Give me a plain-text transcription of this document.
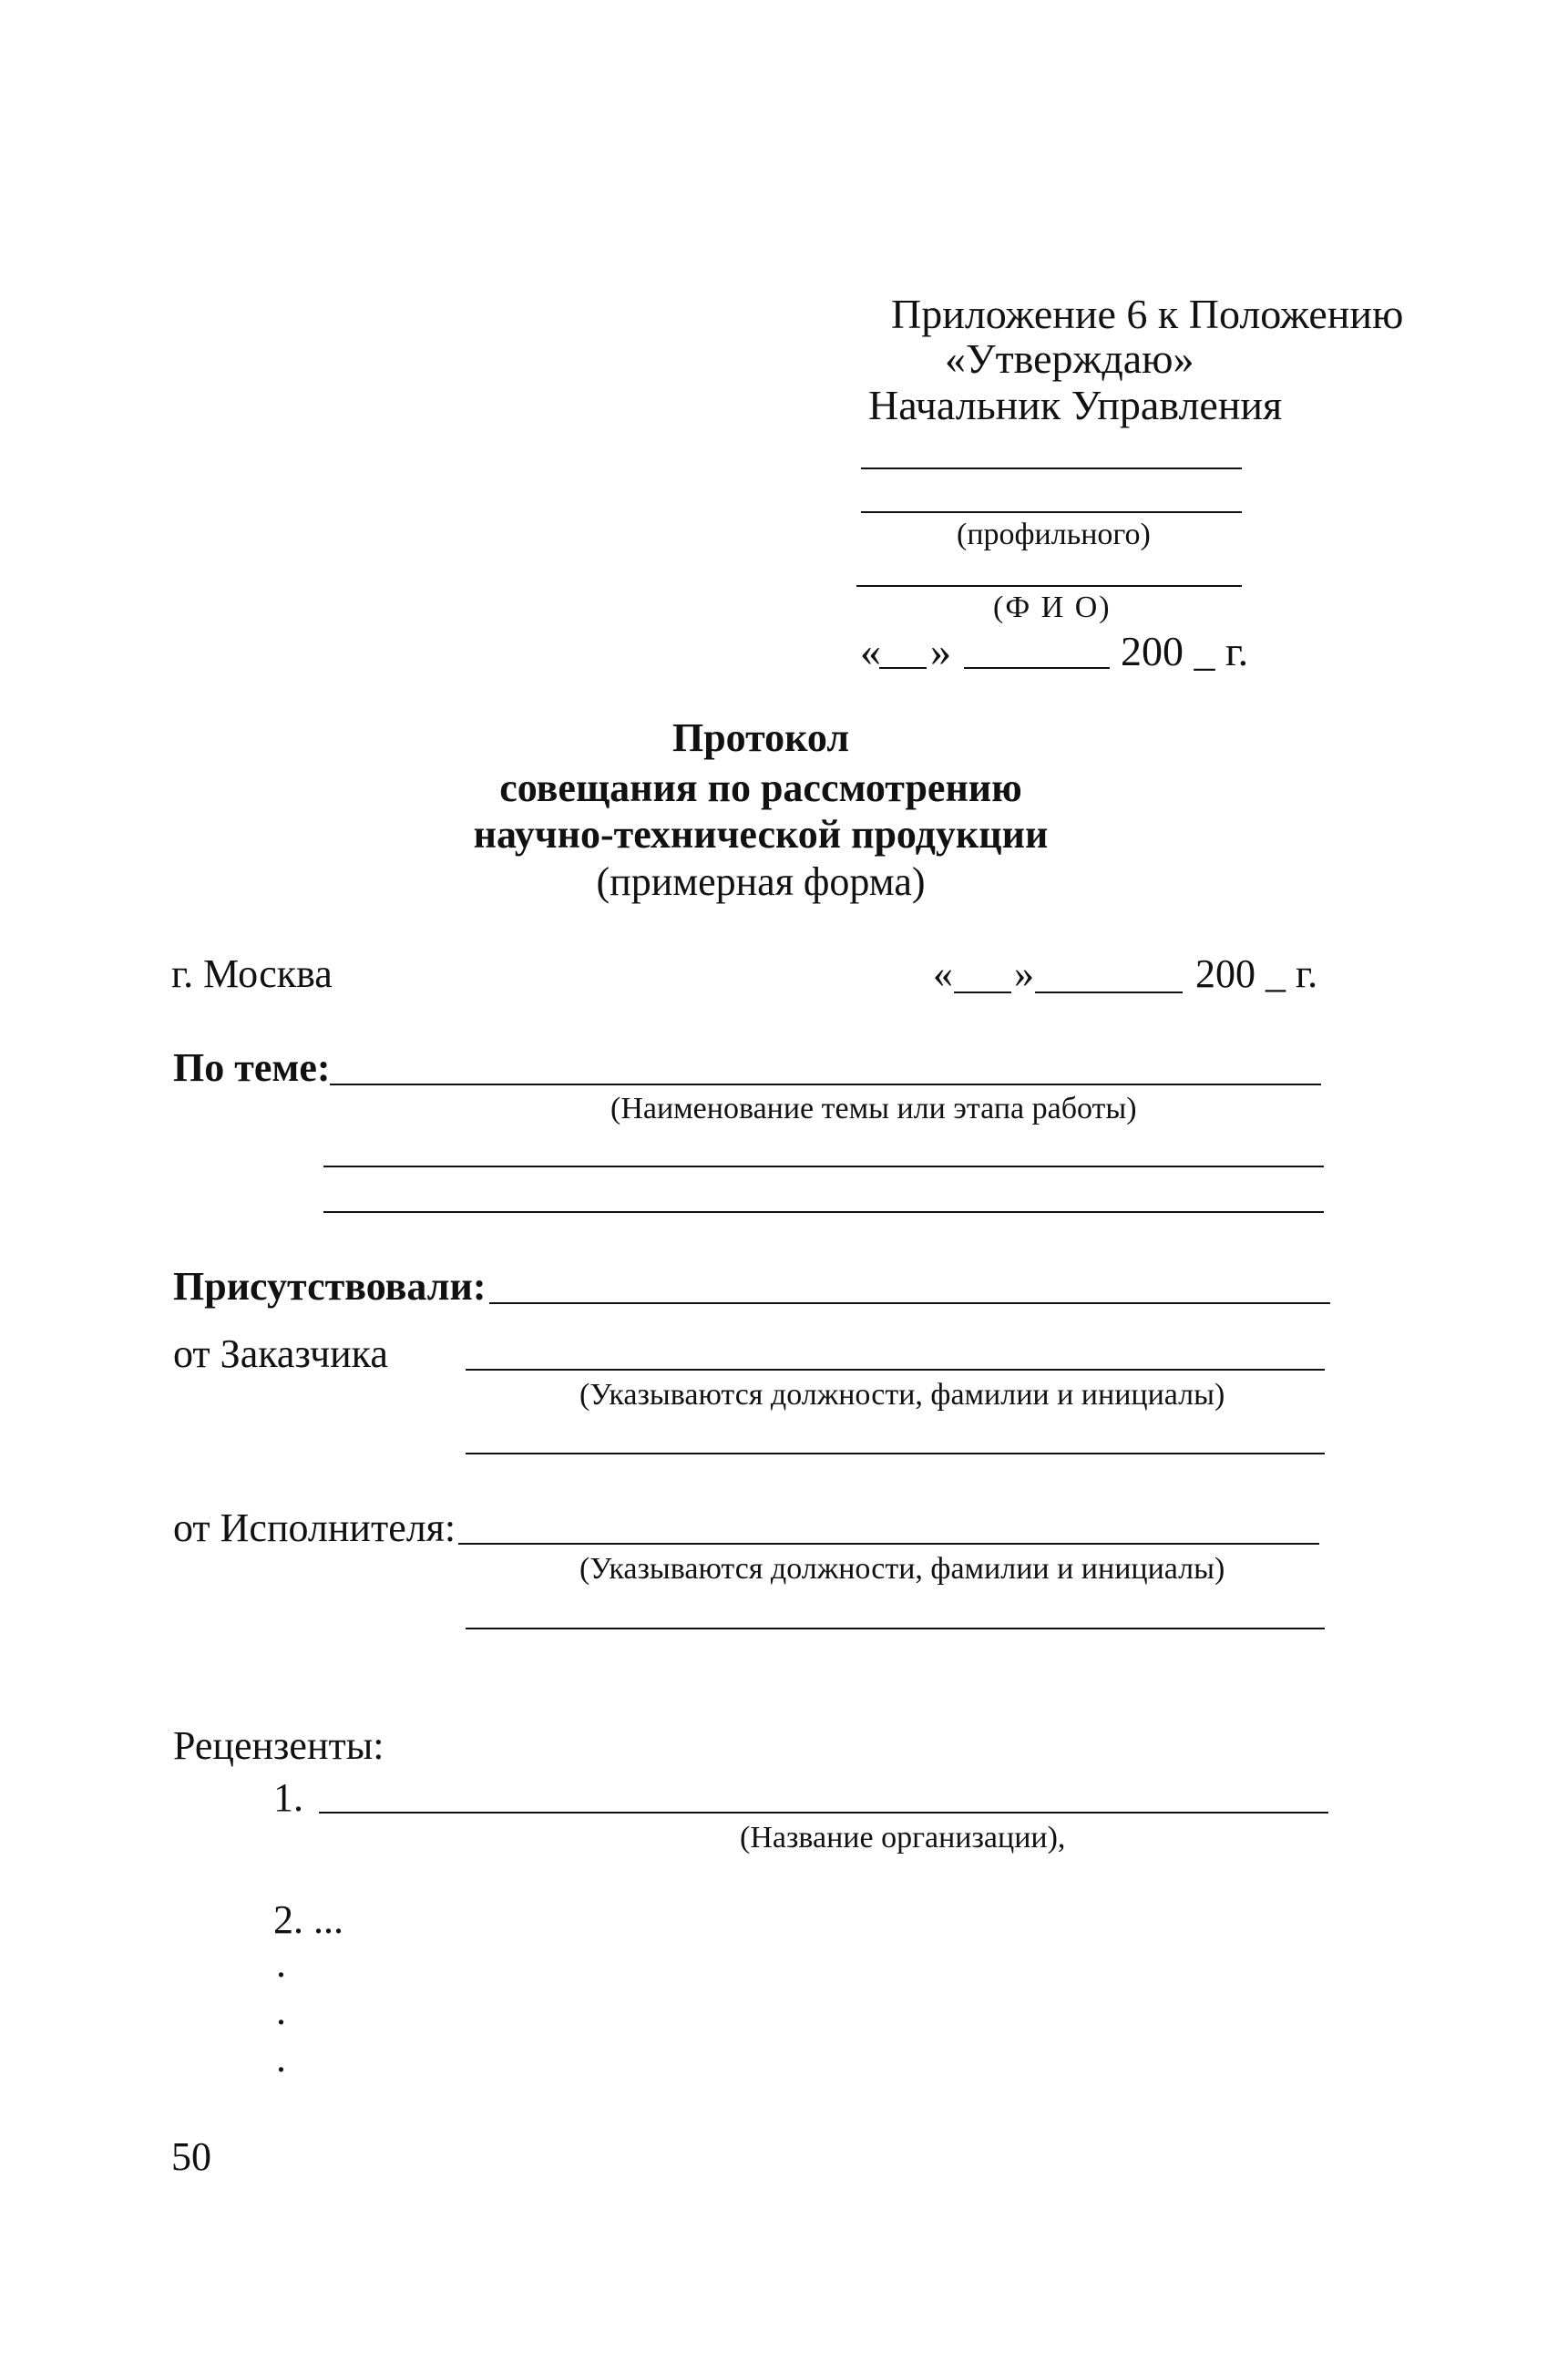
Приложение 6 к Положению
«Утверждаю»
Начальник Управления
(профильного)
(Ф И О)
« »	200 _ г.
Протокол
совещания по рассмотрению
научно-технической продукции
(примерная форма)
г. Москва	« »	200 _ г.
По теме:
(Наименование темы или этапа работы)
Присутствовали:
от Заказчика
(Указываются должности, фамилии и инициалы)
от Исполнителя:
(Указываются должности, фамилии и инициалы)
Рецензенты:
1.
(Название организации),
2. ...
.
.
.
50
